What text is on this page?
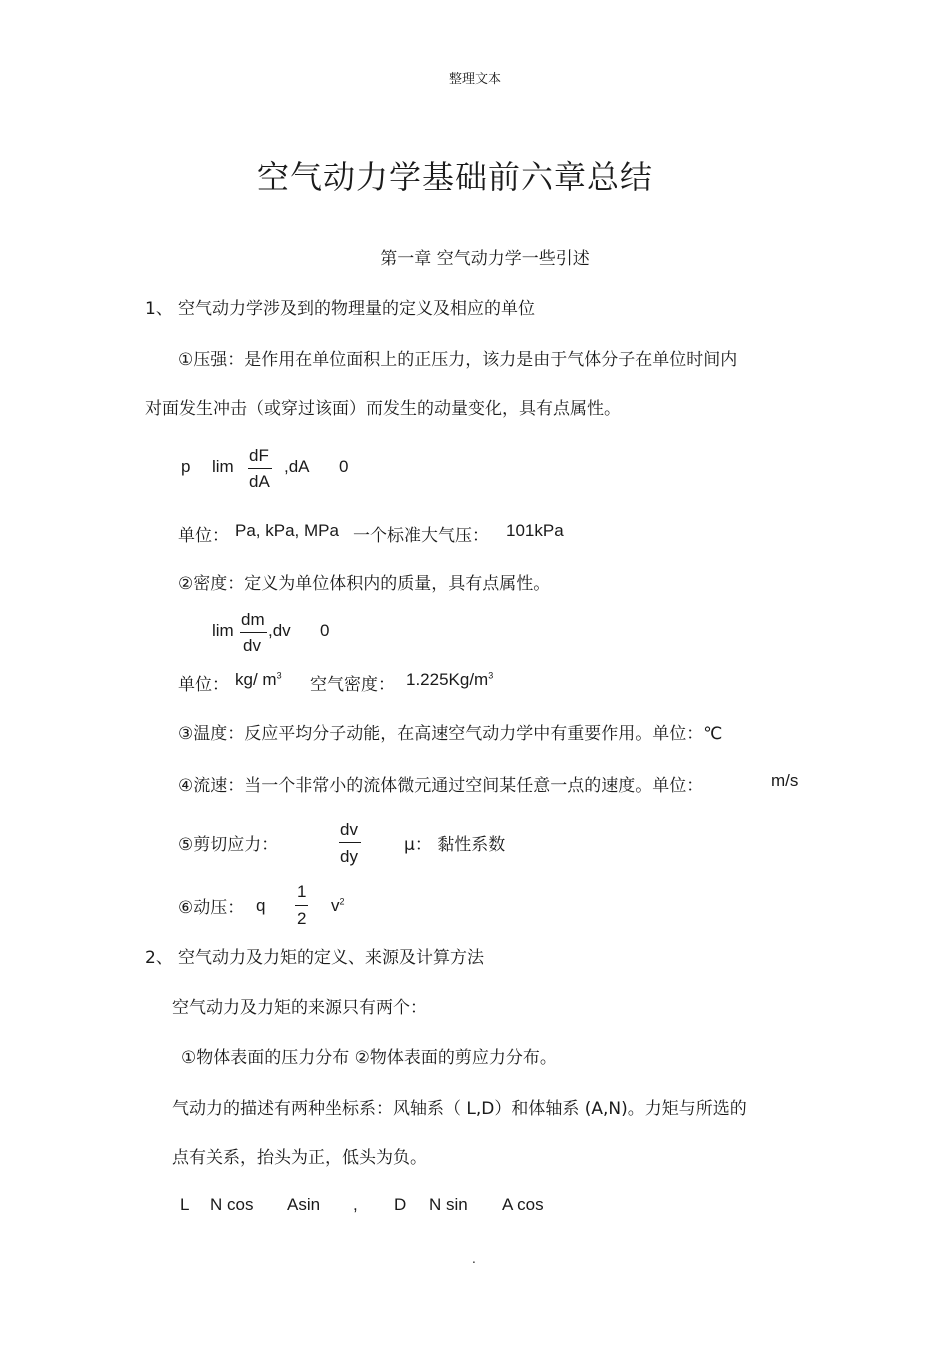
整理文本
空气动力学基础前六章总结
第一章 空气动力学一些引述
1、 空气动力学涉及到的物理量的定义及相应的单位
①压强：是作用在单位面积上的正压力，该力是由于气体分子在单位时间内
对面发生冲击（或穿过该面）而发生的动量变化，具有点属性。
p lim
dF
dA
,dA 0
单位： Pa, kPa, MPa 一个标准大气压： 101kPa
②密度：定义为单位体积内的质量，具有点属性。
lim
dm
dv
,dv 0
单位： kg/ $m^3$ 空气密度： $1.225Kg/m^3$
③温度：反应平均分子动能，在高速空气动力学中有重要作用。单位：℃
④流速：当一个非常小的流体微元通过空间某任意一点的速度。单位：	m/s
⑤剪切应力：
dv
dy
μ： 黏性系数
⑥动压： q
1
2
$v^2$
2、 空气动力及力矩的定义、来源及计算方法
空气动力及力矩的来源只有两个：
①物体表面的压力分布 ②物体表面的剪应力分布。
气动力的描述有两种坐标系：风轴系（ L,D）和体轴系 (A,N)。力矩与所选的
点有关系，抬头为正，低头为负。
L N cos Asin , D N sin A cos
.
